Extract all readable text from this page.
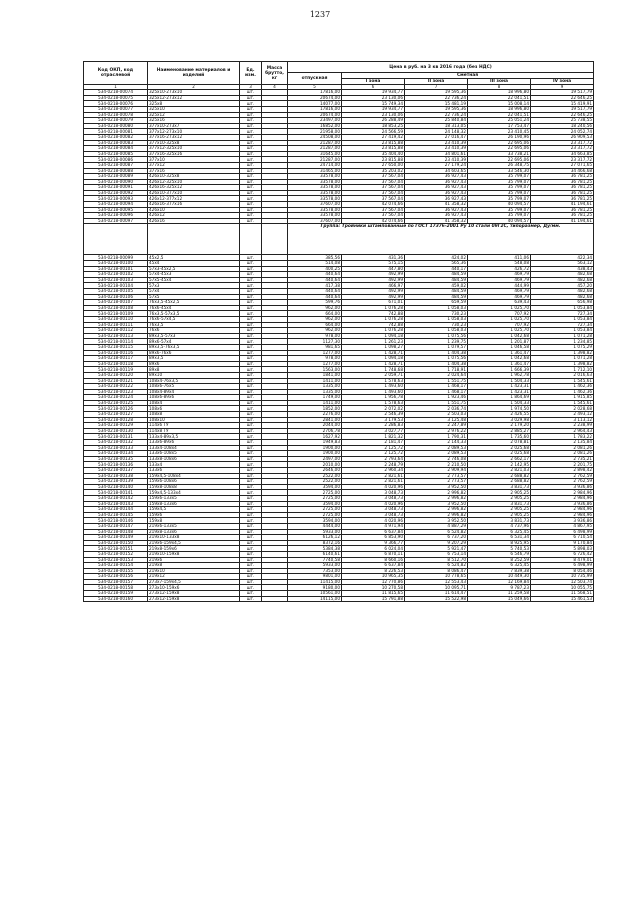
1237
Код ОКП, код отраслевой	Наименование материалов и изделий	Ед. изм.	Масса брутто, кг	Цена в руб. на 3 кв 2016 года (без НДС)				
				отпускная	Сметная			
					I зона	II зона	III зона	IV зона
1	2	3	4	5	6	7	8	9
534-0218-00074	325x10-273x10	шт.		17816,00	19 934,77	19 595,36	18 996,80	19 517,79
534-0218-00075	325x12-273x12	шт.		20674,00	23 130,06	22 736,24	22 041,51	22 646,25
534-0218-00076	325x8	шт.		14077,00	15 749,34	15 481,19	15 008,14	15 419,91
534-0218-00077	325x10	шт.		17816,00	19 934,77	19 595,36	18 996,80	19 517,79
534-0218-00078	325x12	шт.		20674,00	23 130,06	22 736,24	22 041,51	22 646,25
534-0218-00079	325x16	шт.		23497,00	26 288,49	25 840,84	25 051,24	25 738,55
534-0218-00080	377x10-273x7	шт.		16852,00	18 853,25	18 313,05	17 753,47	18 240,56
534-0218-00081	377x12-273x10	шт.		21958,00	24 566,59	24 148,32	23 410,45	24 052,74
534-0218-00082	377x16-273x12	шт.		24508,00	27 419,42	27 016,47	26 190,96	26 909,53
534-0218-00083	377x10-325x8	шт.		21287,00	23 815,88	23 410,39	22 695,06	23 317,72
534-0218-00084	377x12-325x10	шт.		21287,00	23 815,88	23 410,39	22 695,06	23 317,72
534-0218-00085	377x16-325x16	шт.		31645,00	35 404,40	34 801,61	33 738,21	34 663,85
534-0218-00086	377x10	шт.		21287,00	23 815,88	23 410,39	22 695,06	23 317,72
534-0218-00087	377x12	шт.		24714,00	27 650,00	27 179,24	26 348,75	27 071,65
534-0218-00088	377x16	шт.		31465,00	35 203,02	34 603,65	33 546,30	34 466,68
534-0218-00089	426x10-325x8	шт.		33578,00	37 567,04	36 927,43	35 799,07	36 781,25
534-0218-00090	426x12-325x10	шт.		33578,00	37 567,04	36 927,43	35 799,07	36 781,25
534-0218-00091	426x16-325x12	шт.		33578,00	37 567,04	36 927,43	35 799,07	36 781,25
534-0218-00092	426x10-377x10	шт.		33578,00	37 567,04	36 927,43	35 799,07	36 781,25
534-0218-00093	426x12-377x12	шт.		33578,00	37 567,04	36 927,43	35 799,07	36 781,25
534-0218-00094	426x16-377x16	шт.		37607,00	42 074,66	41 358,32	40 094,57	41 194,61
534-0218-00095	426x10	шт.		33578,00	37 567,04	36 927,43	35 799,07	36 781,25
534-0218-00096	426x12	шт.		33578,00	37 567,04	36 927,43	35 799,07	36 781,25
534-0218-00097	426x16	шт.		37607,00	42 074,66	41 358,32	40 094,57	41 194,61
				Группа: Тройники штампованные по ГОСТ 17376-2001 Ру 10 стали 09Г2С, типоразмер, Ду/мм.				
534-0218-00099	45x2,5	шт.		385,56	431,36	424,02	411,06	422,34
534-0218-00100	45x4	шт.		514,08	575,15	565,36	548,08	563,12
534-0218-00101	57x3-45x2,5	шт.		400,25	447,80	440,17	426,72	438,43
534-0218-00102	57x4-45x3	шт.		440,64	492,99	484,59	469,79	482,68
534-0218-00103	57x5-45x4	шт.		440,64	492,99	484,59	469,79	482,68
534-0218-00104	57x3	шт.		417,38	466,97	459,02	444,99	457,20
534-0218-00105	57x4	шт.		440,64	492,99	484,59	469,79	482,68
534-0218-00106	57x5	шт.		440,64	492,99	484,59	469,79	482,68
534-0218-00107	76x3,5-45x2,5	шт.		599,76	671,01	659,59	639,43	656,98
534-0218-00108	76x6-45x4	шт.		962,00	1 076,28	1 058,03	1 025,70	1 053,84
534-0218-00109	76x3,5-57x3,5	шт.		664,00	742,88	730,23	707,92	727,34
534-0218-00110	76x6-57x4,5	шт.		962,00	1 076,28	1 058,03	1 025,70	1 053,84
534-0218-00111	76x3,5	шт.		664,00	742,88	730,23	707,92	727,34
534-0218-00112	76x6	шт.		962,00	1 076,28	1 058,03	1 025,70	1 053,84
534-0218-00113	89x3,5-57x3	шт.		978,00	1 094,18	1 075,56	1 042,68	1 071,28
534-0218-00114	89x6-57x4	шт.		1127,30	1 261,23	1 239,75	1 201,87	1 234,85
534-0218-00115	89x3,5-76x3,5	шт.		981,65	1 098,27	1 079,57	1 046,58	1 075,29
534-0218-00116	89x6-76x6	шт.		1277,00	1 428,71	1 404,38	1 361,47	1 398,82
534-0218-00117	89x3,5	шт.		978,00	1 094,18	1 075,56	1 042,68	1 071,28
534-0218-00118	89x6	шт.		1277,00	1 428,71	1 404,38	1 361,47	1 398,82
534-0218-00119	89x8	шт.		1563,00	1 748,68	1 718,91	1 666,39	1 712,10
534-0218-00120	89x10	шт.		1841,00	2 059,71	2 024,64	1 962,78	2 016,63
534-0218-00121	108x4-76x3,5	шт.		1411,00	1 578,63	1 551,75	1 504,33	1 545,61
534-0218-00122	108x6-76x5	шт.		1335,00	1 493,60	1 468,17	1 423,31	1 462,36
534-0218-00123	108x4-89x4	шт.		1335,00	1 493,60	1 468,17	1 423,31	1 462,36
534-0218-00124	108x6-89x6	шт.		1749,00	1 956,78	1 923,46	1 864,69	1 915,85
534-0218-00125	108x4	шт.		1411,00	1 578,63	1 551,75	1 504,33	1 545,61
534-0218-00126	108x6	шт.		1852,00	2 072,02	2 036,74	1 974,50	2 028,68
534-0218-00127	108x8	шт.		2276,00	2 546,39	2 503,03	2 426,55	2 493,12
534-0218-00128	108x10	шт.		2841,00	3 179,53	3 125,48	3 029,98	3 113,12
534-0218-00129	114x6 ТУ	шт.		2044,00	2 286,83	2 247,89	2 179,20	2 238,99
534-0218-00130	114x8 ТУ	шт.		2706,78	3 027,77	2 976,22	2 885,27	2 964,43
534-0218-00131	133x4-89x3,5	шт.		1627,92	1 821,32	1 790,31	1 735,60	1 783,22
534-0218-00132	133x6-89x6	шт.		1949,83	2 181,47	2 144,33	2 078,81	2 135,84
534-0218-00133	133x4-108x4	шт.		1900,00	2 125,72	2 089,53	2 025,68	2 081,26
534-0218-00134	133x6-108x5	шт.		1900,00	2 125,72	2 089,53	2 025,68	2 081,26
534-0218-00135	133x8-108x6	шт.		2497,00	2 793,64	2 746,08	2 662,17	2 735,21
534-0218-00136	133x4	шт.		2010,00	2 248,79	2 210,50	2 142,95	2 201,75
534-0218-00137	133x6	шт.		2646,00	2 960,34	2 909,94	2 821,03	2 898,42
534-0218-00138	159x4,5-108x4	шт.		2522,00	2 821,61	2 773,57	2 688,82	2 762,59
534-0218-00139	159x6-108x6	шт.		2522,00	2 821,61	2 773,57	2 688,82	2 762,59
534-0218-00140	159x8-108x8	шт.		3594,00	4 020,96	3 952,50	3 831,73	3 936,86
534-0218-00141	159x4,5-133x4	шт.		2725,00	3 048,73	2 996,82	2 905,25	2 984,96
534-0218-00142	159x6-133x5	шт.		2725,00	3 048,73	2 996,82	2 905,25	2 984,96
534-0218-00143	159x8-133x6	шт.		3594,00	4 020,96	3 952,50	3 831,73	3 936,86
534-0218-00144	159x4,5	шт.		2725,00	3 048,73	2 996,82	2 905,25	2 984,96
534-0218-00145	159x6	шт.		2725,00	3 048,73	2 996,82	2 905,25	2 984,96
534-0218-00146	159x8	шт.		3594,00	4 020,96	3 952,50	3 831,73	3 936,86
534-0218-00147	219x6-133x5	шт.		4444,00	4 971,94	4 887,29	4 737,96	4 867,95
534-0218-00148	219x8-133x6	шт.		5933,00	6 637,84	6 524,82	6 325,45	6 498,99
534-0218-00149	219x10-133x8	шт.		6126,12	6 853,90	6 737,20	6 531,34	6 710,54
534-0218-00150	219x6-159x4,5	шт.		8372,16	9 366,77	9 207,29	8 925,95	9 170,84
534-0218-00151	219x8-159x6	шт.		5384,38	6 024,04	5 921,47	5 740,53	5 898,03
534-0218-00152	219x10-159x8	шт.		6140,61	6 870,11	6 753,14	6 546,79	6 726,42
534-0218-00153	219x6	шт.		7740,58	8 660,16	8 512,70	8 252,59	8 479,01
534-0218-00154	219x8	шт.		5933,00	6 637,84	6 524,82	6 325,45	6 498,99
534-0218-00155	219x10	шт.		7353,00	8 226,53	8 086,47	7 839,38	8 054,46
534-0218-00156	219x12	шт.		9801,00	10 965,35	10 778,65	10 449,30	10 735,99
534-0218-00157	273x7-159x4,5	шт.		11415,00	12 770,86	12 553,43	12 169,84	12 503,74
534-0218-00158	273x10-159x6	шт.		9180,00	10 270,58	10 095,71	9 787,23	10 055,75
534-0218-00159	273x12-159x8	шт.		10561,00	11 815,65	11 614,47	11 259,58	11 568,51
534-0218-00160	273x12-159x8	шт.		14115,00	15 791,88	15 522,98	15 049,66	15 461,53
